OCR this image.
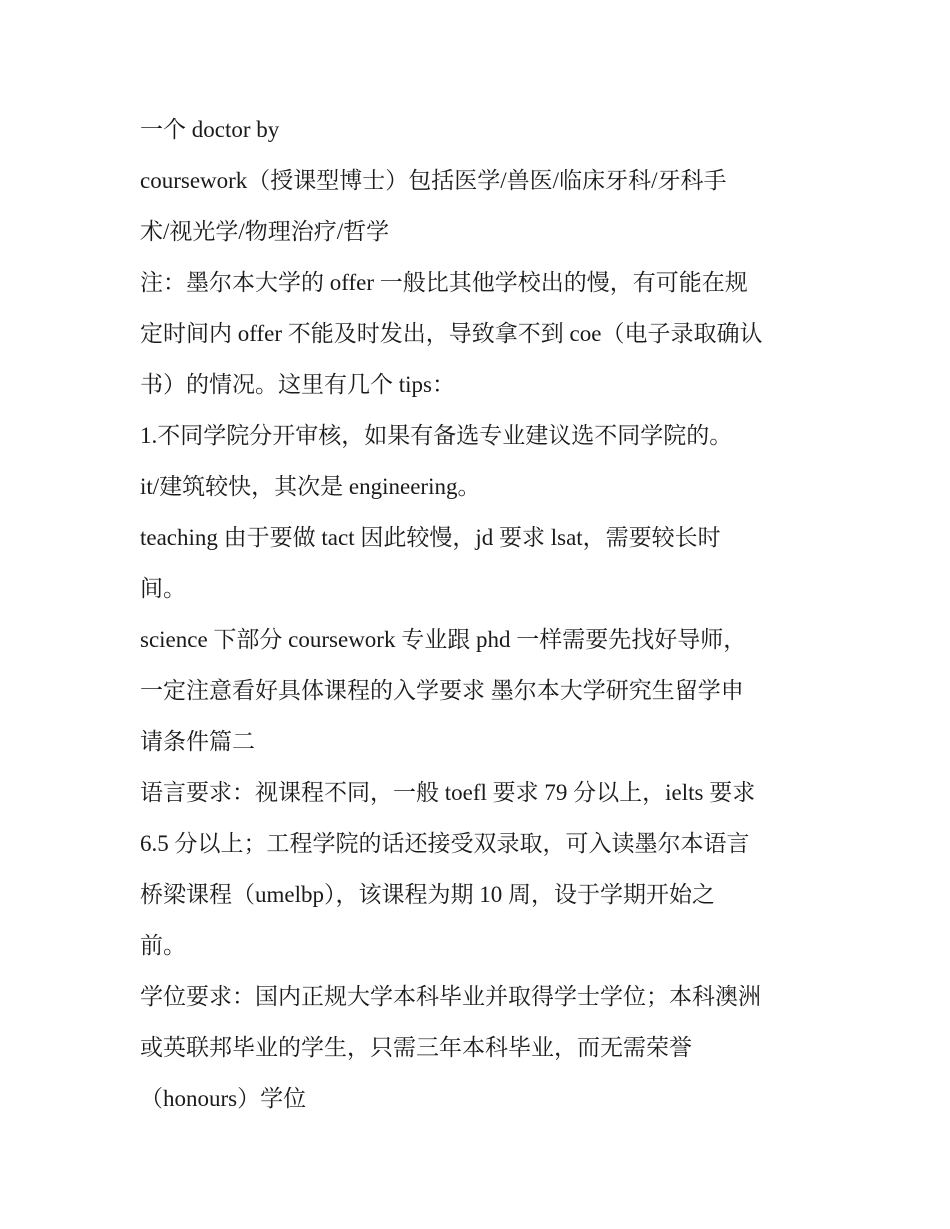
一个 doctor by
coursework（授课型博士）包括医学/兽医/临床牙科/牙科手
术/视光学/物理治疗/哲学
注：墨尔本大学的 offer 一般比其他学校出的慢，有可能在规
定时间内 offer 不能及时发出，导致拿不到 coe（电子录取确认
书）的情况。这里有几个 tips：
1.不同学院分开审核，如果有备选专业建议选不同学院的。
it/建筑较快，其次是 engineering。
teaching 由于要做 tact 因此较慢，jd 要求 lsat，需要较长时
间。
science 下部分 coursework 专业跟 phd 一样需要先找好导师，
一定注意看好具体课程的入学要求 墨尔本大学研究生留学申
请条件篇二
语言要求：视课程不同，一般 toefl 要求 79 分以上，ielts 要求
6.5 分以上；工程学院的话还接受双录取，可入读墨尔本语言
桥梁课程（umelbp），该课程为期 10 周，设于学期开始之
前。
学位要求：国内正规大学本科毕业并取得学士学位；本科澳洲
或英联邦毕业的学生，只需三年本科毕业，而无需荣誉
（honours）学位
